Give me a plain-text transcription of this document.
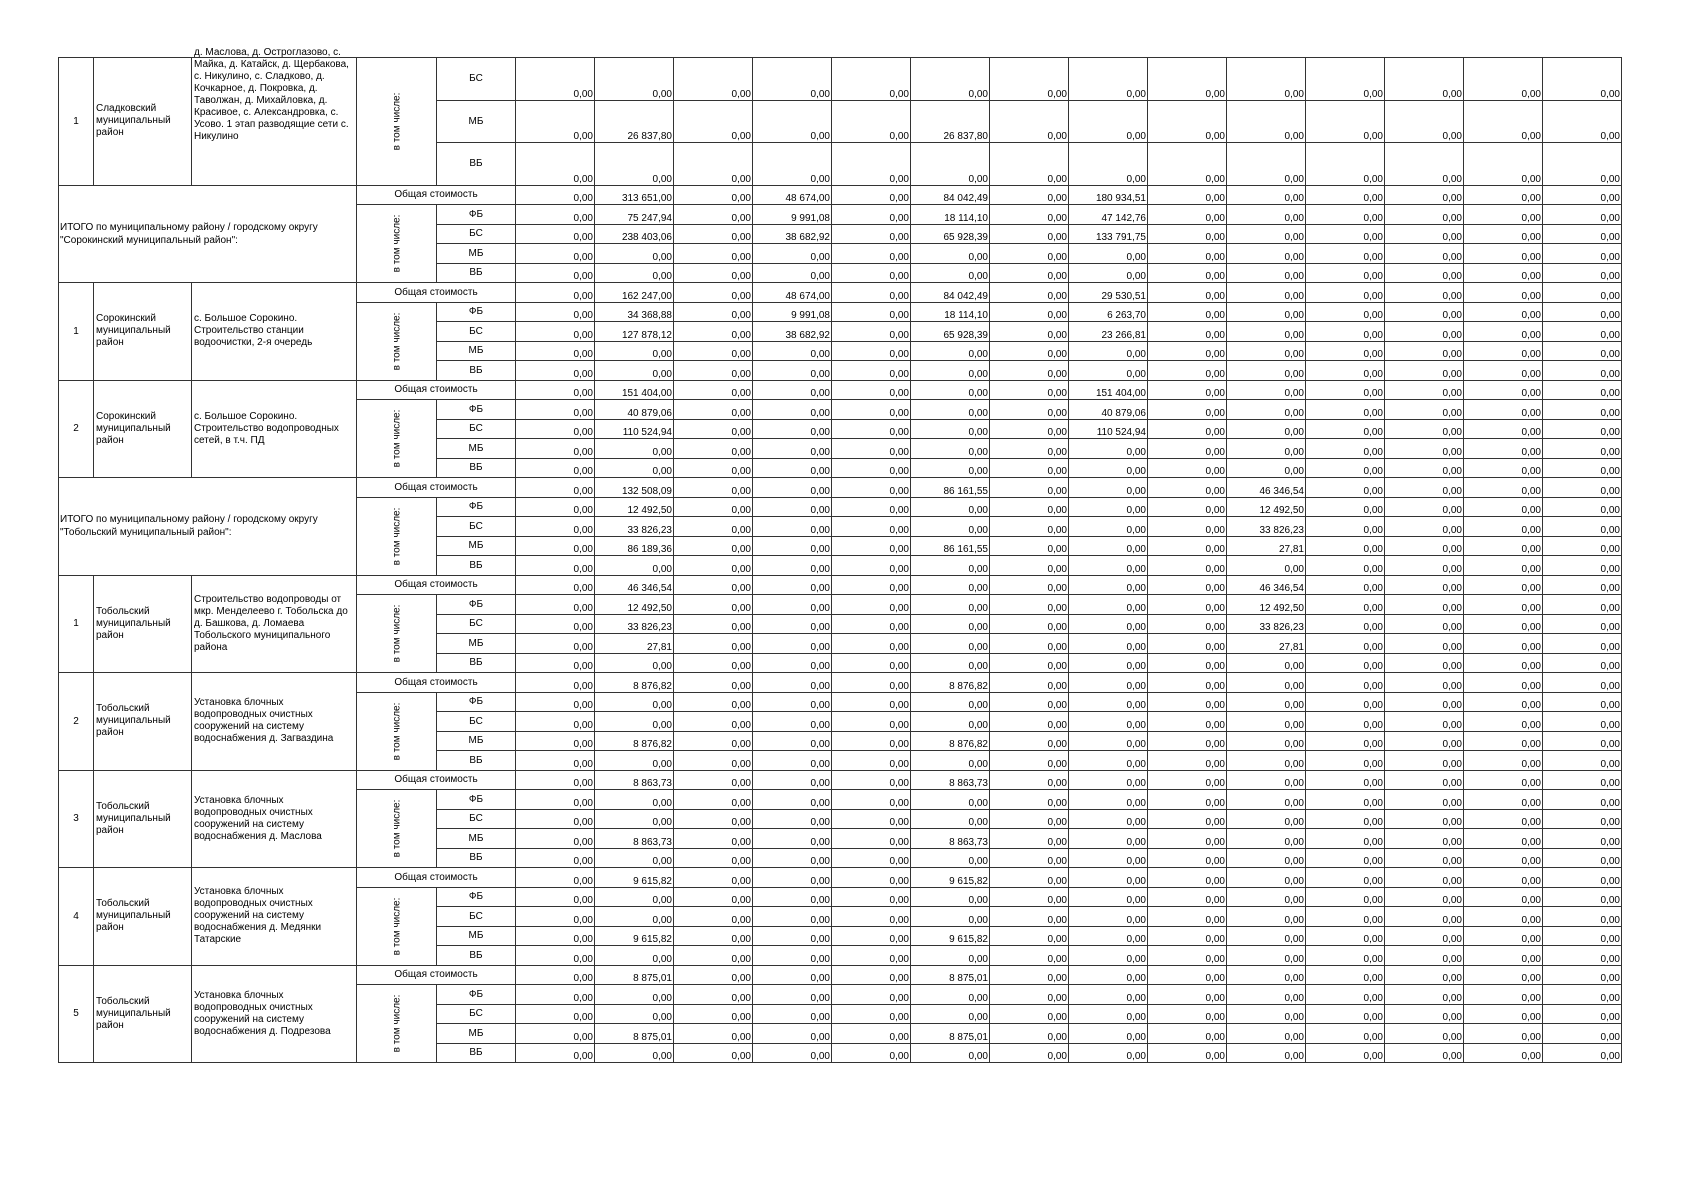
1	Сладковский муниципальный район	д. Маслова, д. Остроглазово, с. Майка, д. Катайск, д. Щербакова, с. Никулино, с. Сладково, д. Кочкарное, д. Покровка, д. Таволжан, д. Михайловка, д. Красивое, с. Александровка, с. Усово. 1 этап разводящие сети с. Никулино	в том числе:	БС	0,00	0,00	0,00	0,00	0,00	0,00	0,00	0,00	0,00	0,00	0,00	0,00	0,00	0,00
				МБ	0,00	26 837,80	0,00	0,00	0,00	26 837,80	0,00	0,00	0,00	0,00	0,00	0,00	0,00	0,00
				ВБ	0,00	0,00	0,00	0,00	0,00	0,00	0,00	0,00	0,00	0,00	0,00	0,00	0,00	0,00
ИТОГО по муниципальному району / городскому округу "Сорокинский муниципальный район":			Общая стоимость		0,00	313 651,00	0,00	48 674,00	0,00	84 042,49	0,00	180 934,51	0,00	0,00	0,00	0,00	0,00	0,00
			в том числе:	ФБ	0,00	75 247,94	0,00	9 991,08	0,00	18 114,10	0,00	47 142,76	0,00	0,00	0,00	0,00	0,00	0,00
				БС	0,00	238 403,06	0,00	38 682,92	0,00	65 928,39	0,00	133 791,75	0,00	0,00	0,00	0,00	0,00	0,00
				МБ	0,00	0,00	0,00	0,00	0,00	0,00	0,00	0,00	0,00	0,00	0,00	0,00	0,00	0,00
				ВБ	0,00	0,00	0,00	0,00	0,00	0,00	0,00	0,00	0,00	0,00	0,00	0,00	0,00	0,00
1	Сорокинский муниципальный район	с. Большое Сорокино. Строительство станции водоочистки, 2-я очередь	Общая стоимость		0,00	162 247,00	0,00	48 674,00	0,00	84 042,49	0,00	29 530,51	0,00	0,00	0,00	0,00	0,00	0,00
			в том числе:	ФБ	0,00	34 368,88	0,00	9 991,08	0,00	18 114,10	0,00	6 263,70	0,00	0,00	0,00	0,00	0,00	0,00
				БС	0,00	127 878,12	0,00	38 682,92	0,00	65 928,39	0,00	23 266,81	0,00	0,00	0,00	0,00	0,00	0,00
				МБ	0,00	0,00	0,00	0,00	0,00	0,00	0,00	0,00	0,00	0,00	0,00	0,00	0,00	0,00
				ВБ	0,00	0,00	0,00	0,00	0,00	0,00	0,00	0,00	0,00	0,00	0,00	0,00	0,00	0,00
2	Сорокинский муниципальный район	с. Большое Сорокино. Строительство водопроводных сетей, в т.ч. ПД	Общая стоимость		0,00	151 404,00	0,00	0,00	0,00	0,00	0,00	151 404,00	0,00	0,00	0,00	0,00	0,00	0,00
			в том числе:	ФБ	0,00	40 879,06	0,00	0,00	0,00	0,00	0,00	40 879,06	0,00	0,00	0,00	0,00	0,00	0,00
				БС	0,00	110 524,94	0,00	0,00	0,00	0,00	0,00	110 524,94	0,00	0,00	0,00	0,00	0,00	0,00
				МБ	0,00	0,00	0,00	0,00	0,00	0,00	0,00	0,00	0,00	0,00	0,00	0,00	0,00	0,00
				ВБ	0,00	0,00	0,00	0,00	0,00	0,00	0,00	0,00	0,00	0,00	0,00	0,00	0,00	0,00
ИТОГО по муниципальному району / городскому округу "Тобольский муниципальный район":			Общая стоимость		0,00	132 508,09	0,00	0,00	0,00	86 161,55	0,00	0,00	0,00	46 346,54	0,00	0,00	0,00	0,00
			в том числе:	ФБ	0,00	12 492,50	0,00	0,00	0,00	0,00	0,00	0,00	0,00	12 492,50	0,00	0,00	0,00	0,00
				БС	0,00	33 826,23	0,00	0,00	0,00	0,00	0,00	0,00	0,00	33 826,23	0,00	0,00	0,00	0,00
				МБ	0,00	86 189,36	0,00	0,00	0,00	86 161,55	0,00	0,00	0,00	27,81	0,00	0,00	0,00	0,00
				ВБ	0,00	0,00	0,00	0,00	0,00	0,00	0,00	0,00	0,00	0,00	0,00	0,00	0,00	0,00
1	Тобольский муниципальный район	Строительство водопроводы от мкр. Менделеево г. Тобольска до д. Башкова, д. Ломаева Тобольского муниципального района	Общая стоимость		0,00	46 346,54	0,00	0,00	0,00	0,00	0,00	0,00	0,00	46 346,54	0,00	0,00	0,00	0,00
			в том числе:	ФБ	0,00	12 492,50	0,00	0,00	0,00	0,00	0,00	0,00	0,00	12 492,50	0,00	0,00	0,00	0,00
				БС	0,00	33 826,23	0,00	0,00	0,00	0,00	0,00	0,00	0,00	33 826,23	0,00	0,00	0,00	0,00
				МБ	0,00	27,81	0,00	0,00	0,00	0,00	0,00	0,00	0,00	27,81	0,00	0,00	0,00	0,00
				ВБ	0,00	0,00	0,00	0,00	0,00	0,00	0,00	0,00	0,00	0,00	0,00	0,00	0,00	0,00
2	Тобольский муниципальный район	Установка блочных водопроводных очистных сооружений на систему водоснабжения д. Загваздина	Общая стоимость		0,00	8 876,82	0,00	0,00	0,00	8 876,82	0,00	0,00	0,00	0,00	0,00	0,00	0,00	0,00
			в том числе:	ФБ	0,00	0,00	0,00	0,00	0,00	0,00	0,00	0,00	0,00	0,00	0,00	0,00	0,00	0,00
				БС	0,00	0,00	0,00	0,00	0,00	0,00	0,00	0,00	0,00	0,00	0,00	0,00	0,00	0,00
				МБ	0,00	8 876,82	0,00	0,00	0,00	8 876,82	0,00	0,00	0,00	0,00	0,00	0,00	0,00	0,00
				ВБ	0,00	0,00	0,00	0,00	0,00	0,00	0,00	0,00	0,00	0,00	0,00	0,00	0,00	0,00
3	Тобольский муниципальный район	Установка блочных водопроводных очистных сооружений на систему водоснабжения д. Маслова	Общая стоимость		0,00	8 863,73	0,00	0,00	0,00	8 863,73	0,00	0,00	0,00	0,00	0,00	0,00	0,00	0,00
			в том числе:	ФБ	0,00	0,00	0,00	0,00	0,00	0,00	0,00	0,00	0,00	0,00	0,00	0,00	0,00	0,00
				БС	0,00	0,00	0,00	0,00	0,00	0,00	0,00	0,00	0,00	0,00	0,00	0,00	0,00	0,00
				МБ	0,00	8 863,73	0,00	0,00	0,00	8 863,73	0,00	0,00	0,00	0,00	0,00	0,00	0,00	0,00
				ВБ	0,00	0,00	0,00	0,00	0,00	0,00	0,00	0,00	0,00	0,00	0,00	0,00	0,00	0,00
4	Тобольский муниципальный район	Установка блочных водопроводных очистных сооружений на систему водоснабжения д. Медянки Татарские	Общая стоимость		0,00	9 615,82	0,00	0,00	0,00	9 615,82	0,00	0,00	0,00	0,00	0,00	0,00	0,00	0,00
			в том числе:	ФБ	0,00	0,00	0,00	0,00	0,00	0,00	0,00	0,00	0,00	0,00	0,00	0,00	0,00	0,00
				БС	0,00	0,00	0,00	0,00	0,00	0,00	0,00	0,00	0,00	0,00	0,00	0,00	0,00	0,00
				МБ	0,00	9 615,82	0,00	0,00	0,00	9 615,82	0,00	0,00	0,00	0,00	0,00	0,00	0,00	0,00
				ВБ	0,00	0,00	0,00	0,00	0,00	0,00	0,00	0,00	0,00	0,00	0,00	0,00	0,00	0,00
5	Тобольский муниципальный район	Установка блочных водопроводных очистных сооружений на систему водоснабжения д. Подрезова	Общая стоимость		0,00	8 875,01	0,00	0,00	0,00	8 875,01	0,00	0,00	0,00	0,00	0,00	0,00	0,00	0,00
			в том числе:	ФБ	0,00	0,00	0,00	0,00	0,00	0,00	0,00	0,00	0,00	0,00	0,00	0,00	0,00	0,00
				БС	0,00	0,00	0,00	0,00	0,00	0,00	0,00	0,00	0,00	0,00	0,00	0,00	0,00	0,00
				МБ	0,00	8 875,01	0,00	0,00	0,00	8 875,01	0,00	0,00	0,00	0,00	0,00	0,00	0,00	0,00
				ВБ	0,00	0,00	0,00	0,00	0,00	0,00	0,00	0,00	0,00	0,00	0,00	0,00	0,00	0,00
